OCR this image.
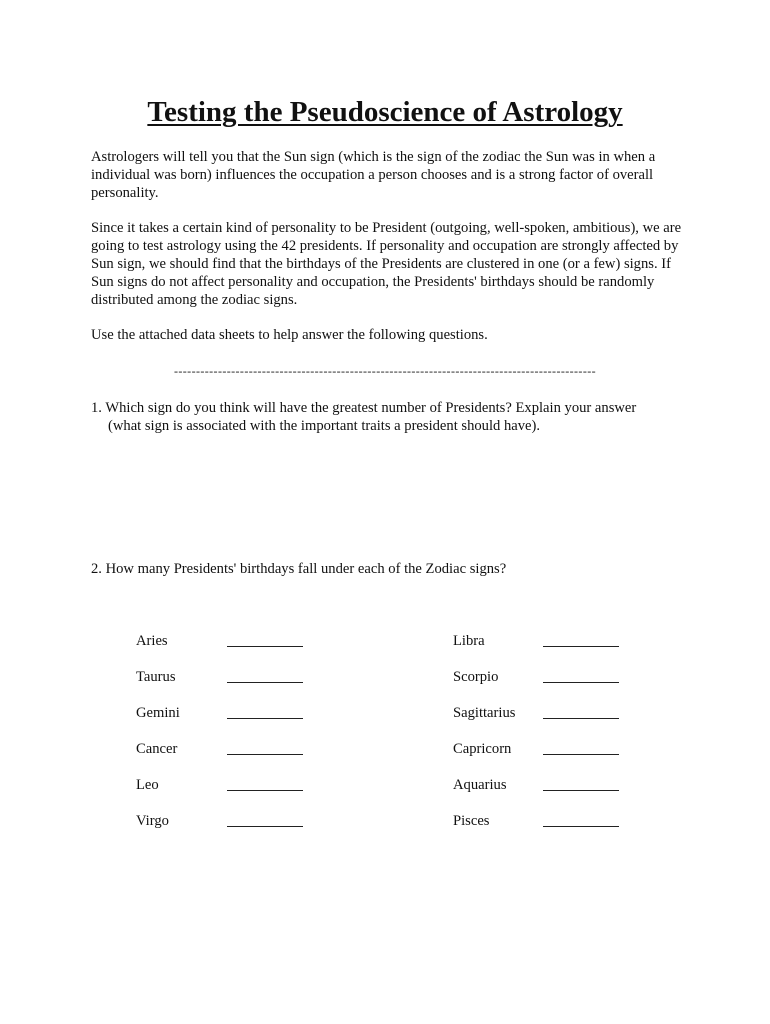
Testing the Pseudoscience of Astrology

Astrologers will tell you that the Sun sign (which is the sign of the zodiac the Sun was in when a individual was born) influences the occupation a person chooses and is a strong factor of overall personality.

Since it takes a certain kind of personality to be President (outgoing, well-spoken, ambitious), we are going to test astrology using the 42 presidents. If personality and occupation are strongly affected by Sun sign, we should find that the birthdays of the Presidents are clustered in one (or a few) signs. If Sun signs do not affect personality and occupation, the Presidents' birthdays should be randomly distributed among the zodiac signs.

Use the attached data sheets to help answer the following questions.

------------------------------------------------------------------------------------------------

1. Which sign do you think will have the greatest number of Presidents? Explain your answer
(what sign is associated with the important traits a president should have).

2. How many Presidents' birthdays fall under each of the Zodiac signs?

Aries
Taurus
Gemini
Cancer
Leo
Virgo
Libra
Scorpio
Sagittarius
Capricorn
Aquarius
Pisces
